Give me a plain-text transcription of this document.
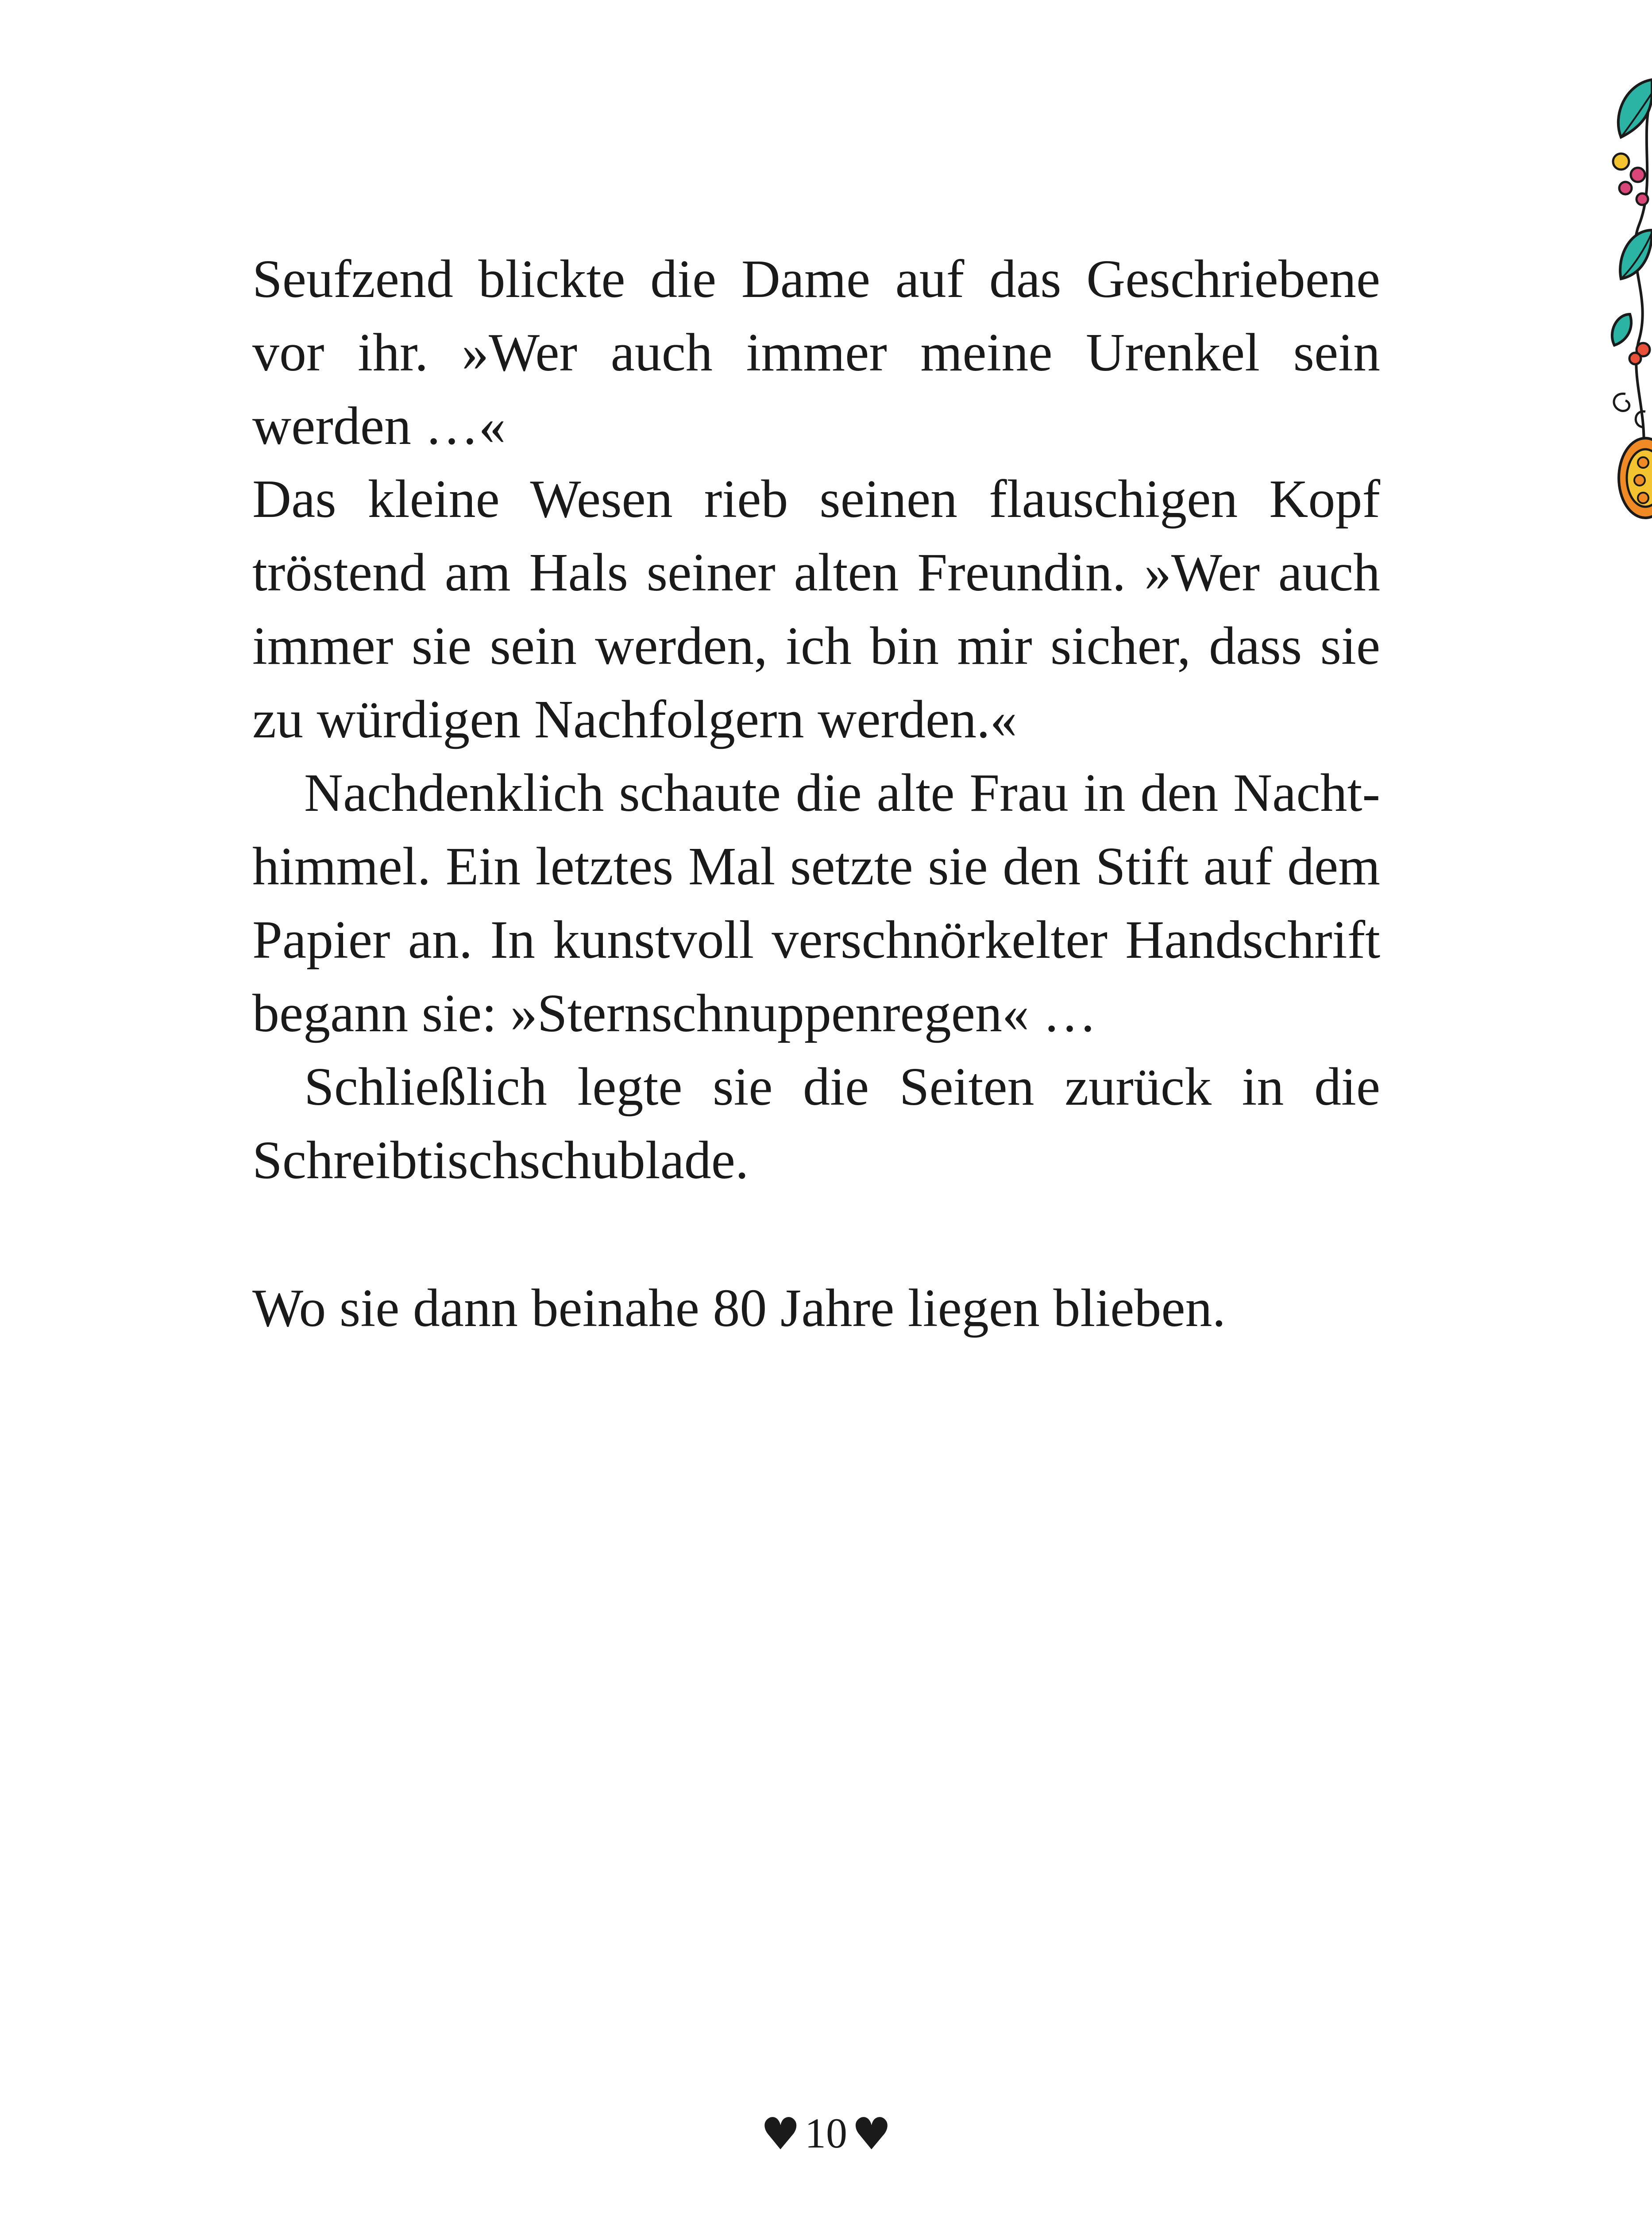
Seufzend blickte die Dame auf das Geschriebene vor ihr. »Wer auch immer meine Urenkel sein werden …«

Das kleine Wesen rieb seinen flauschigen Kopf tröstend am Hals seiner alten Freundin. »Wer auch immer sie sein werden, ich bin mir sicher, dass sie zu würdigen Nachfolgern werden.«

Nachdenklich schaute die alte Frau in den Nachthimmel. Ein letztes Mal setzte sie den Stift auf dem Papier an. In kunstvoll verschnörkelter Handschrift begann sie: »Sternschnuppenregen« …

Schließlich legte sie die Seiten zurück in die Schreibtischschublade.

Wo sie dann beinahe 80 Jahre liegen blieben.

♥ 10 ♥
